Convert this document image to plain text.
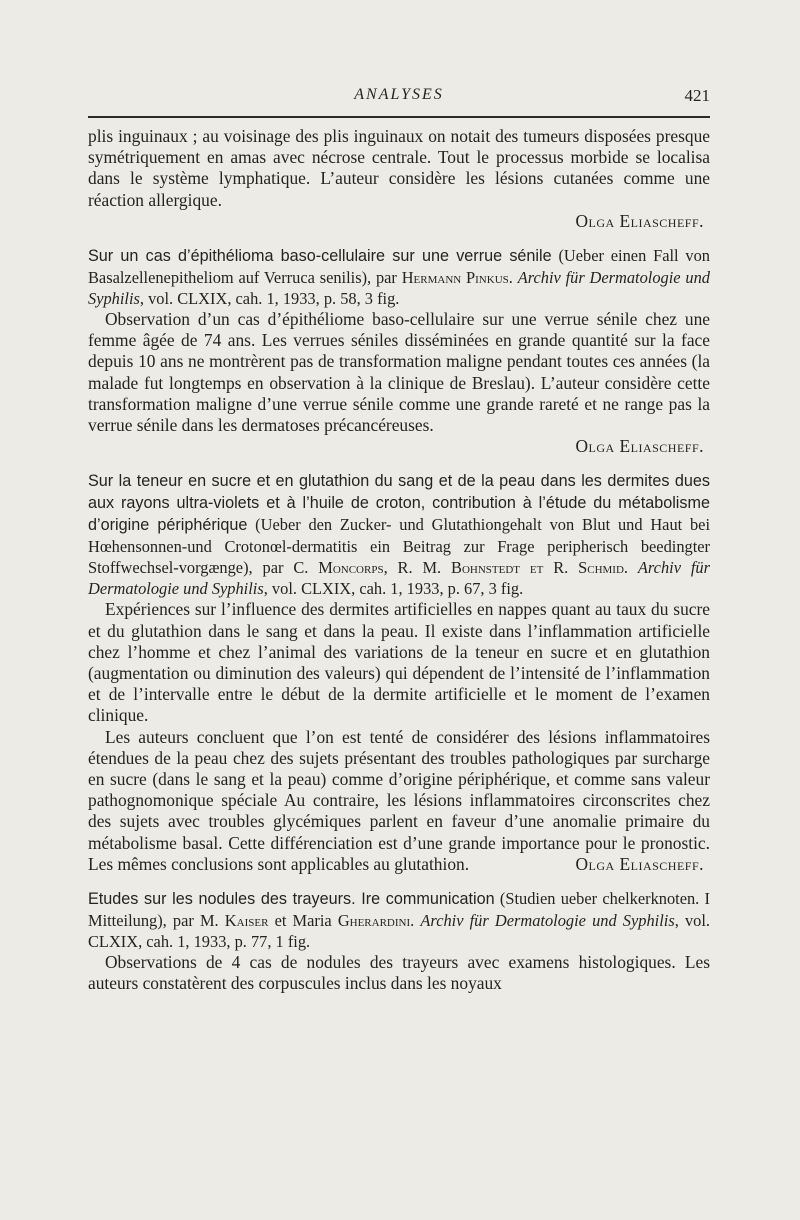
ANALYSES	421

plis inguinaux ; au voisinage des plis inguinaux on notait des tumeurs disposées presque symétriquement en amas avec nécrose centrale. Tout le processus morbide se localisa dans le système lymphatique. L’auteur considère les lésions cutanées comme une réaction allergique.

Olga Eliascheff.

Sur un cas d’épithélioma baso-cellulaire sur une verrue sénile (Ueber einen Fall von Basalzellenepitheliom auf Verruca senilis), par Hermann Pinkus. Archiv für Dermatologie und Syphilis, vol. CLXIX, cah. 1, 1933, p. 58, 3 fig.

Observation d’un cas d’épithéliome baso-cellulaire sur une verrue sénile chez une femme âgée de 74 ans. Les verrues séniles disséminées en grande quantité sur la face depuis 10 ans ne montrèrent pas de transformation maligne pendant toutes ces années (la malade fut longtemps en observation à la clinique de Breslau). L’auteur considère cette transformation maligne d’une verrue sénile comme une grande rareté et ne range pas la verrue sénile dans les dermatoses précancéreuses.

Olga Eliascheff.

Sur la teneur en sucre et en glutathion du sang et de la peau dans les dermites dues aux rayons ultra-violets et à l’huile de croton, contribution à l’étude du métabolisme d’origine périphérique (Ueber den Zucker- und Glutathiongehalt von Blut und Haut bei Hœhensonnen-und Crotonœl-dermatitis ein Beitrag zur Frage peripherisch beedingter Stoffwechsel-vorgænge), par C. Moncorps, R. M. Bohnstedt et R. Schmid. Archiv für Dermatologie und Syphilis, vol. CLXIX, cah. 1, 1933, p. 67, 3 fig.

Expériences sur l’influence des dermites artificielles en nappes quant au taux du sucre et du glutathion dans le sang et dans la peau. Il existe dans l’inflammation artificielle chez l’homme et chez l’animal des variations de la teneur en sucre et en glutathion (augmentation ou diminution des valeurs) qui dépendent de l’intensité de l’inflammation et de l’intervalle entre le début de la dermite artificielle et le moment de l’examen clinique.

Les auteurs concluent que l’on est tenté de considérer des lésions inflammatoires étendues de la peau chez des sujets présentant des troubles pathologiques par surcharge en sucre (dans le sang et la peau) comme d’origine périphérique, et comme sans valeur pathognomonique spéciale Au contraire, les lésions inflammatoires circonscrites chez des sujets avec troubles glycémiques parlent en faveur d’une anomalie primaire du métabolisme basal. Cette différenciation est d’une grande importance pour le pronostic. Les mêmes conclusions sont applicables au glutathion.	Olga Eliascheff.

Etudes sur les nodules des trayeurs. Ire communication (Studien ueber chelkerknoten. I Mitteilung), par M. Kaiser et Maria Gherardini. Archiv für Dermatologie und Syphilis, vol. CLXIX, cah. 1, 1933, p. 77, 1 fig.

Observations de 4 cas de nodules des trayeurs avec examens histologiques. Les auteurs constatèrent des corpuscules inclus dans les noyaux
